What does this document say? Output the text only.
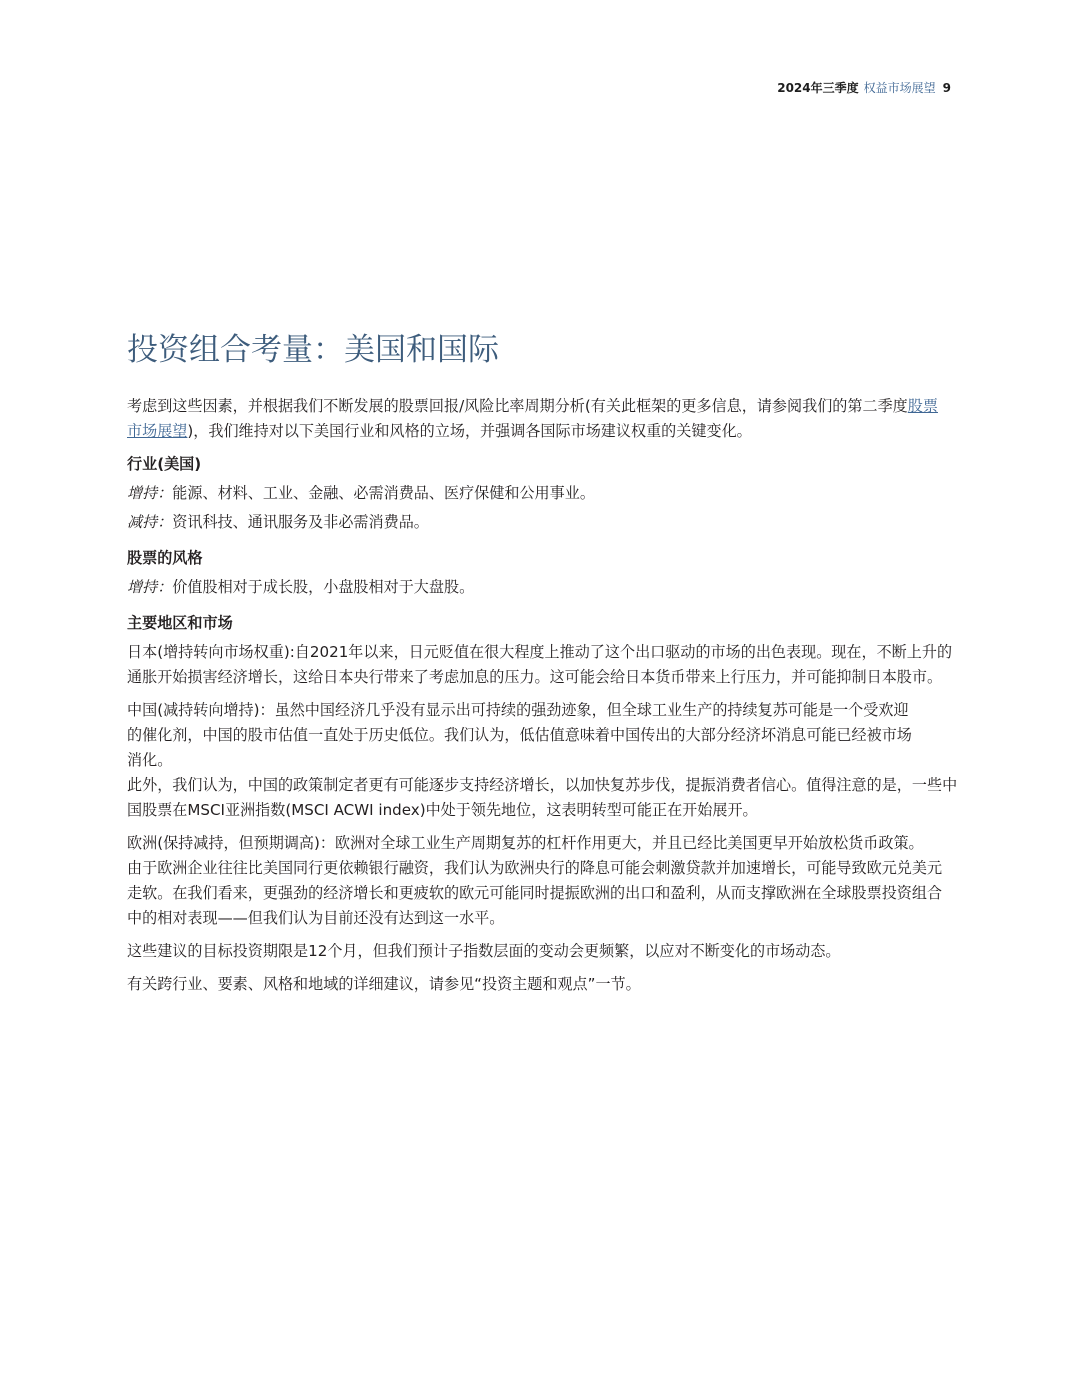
2024年三季度 权益市场展望 9
投资组合考量：美国和国际

考虑到这些因素，并根据我们不断发展的股票回报/风险比率周期分析(有关此框架的更多信息，请参阅我们的第二季度股票市场展望)，我们维持对以下美国行业和风格的立场，并强调各国际市场建议权重的关键变化。

行业(美国)
增持：能源、材料、工业、金融、必需消费品、医疗保健和公用事业。
减持：资讯科技、通讯服务及非必需消费品。
股票的风格
增持：价值股相对于成长股，小盘股相对于大盘股。
主要地区和市场

日本(增持转向市场权重):自2021年以来，日元贬值在很大程度上推动了这个出口驱动的市场的出色表现。现在，不断上升的
通胀开始损害经济增长，这给日本央行带来了考虑加息的压力。这可能会给日本货币带来上行压力，并可能抑制日本股市。

中国(减持转向增持)：虽然中国经济几乎没有显示出可持续的强劲迹象，但全球工业生产的持续复苏可能是一个受欢迎
的催化剂，中国的股市估值一直处于历史低位。我们认为，低估值意味着中国传出的大部分经济坏消息可能已经被市场
消化。
此外，我们认为，中国的政策制定者更有可能逐步支持经济增长，以加快复苏步伐，提振消费者信心。值得注意的是，一些中
国股票在MSCI亚洲指数(MSCI ACWI index)中处于领先地位，这表明转型可能正在开始展开。

欧洲(保持减持，但预期调高)：欧洲对全球工业生产周期复苏的杠杆作用更大，并且已经比美国更早开始放松货币政策。
由于欧洲企业往往比美国同行更依赖银行融资，我们认为欧洲央行的降息可能会刺激贷款并加速增长，可能导致欧元兑美元
走软。在我们看来，更强劲的经济增长和更疲软的欧元可能同时提振欧洲的出口和盈利，从而支撑欧洲在全球股票投资组合
中的相对表现——但我们认为目前还没有达到这一水平。

这些建议的目标投资期限是12个月，但我们预计子指数层面的变动会更频繁，以应对不断变化的市场动态。

有关跨行业、要素、风格和地域的详细建议，请参见“投资主题和观点”一节。
